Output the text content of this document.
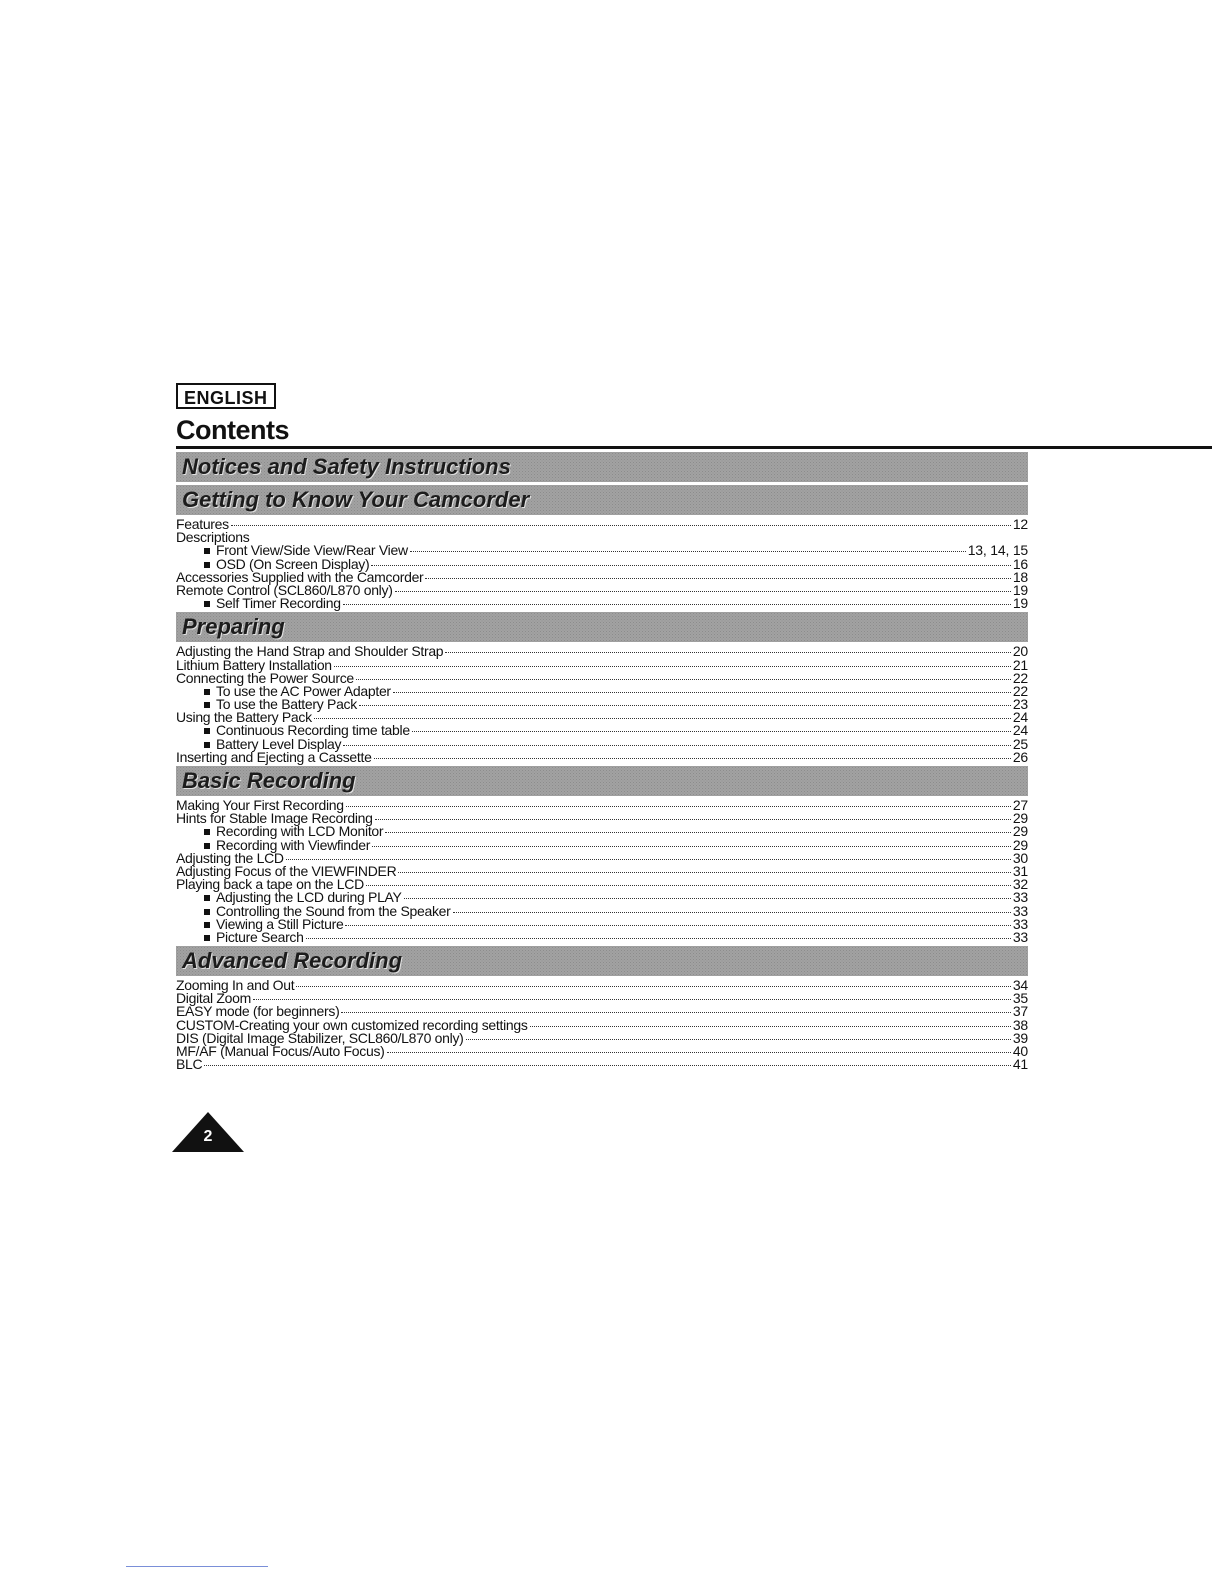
ENGLISH
Contents
Notices and Safety Instructions
Getting to Know Your Camcorder
Features	12
Descriptions
Front View/Side View/Rear View	13, 14, 15
OSD (On Screen Display)	16
Accessories Supplied with the Camcorder	18
Remote Control (SCL860/L870 only)	19
Self Timer Recording	19
Preparing
Adjusting the Hand Strap and Shoulder Strap	20
Lithium Battery Installation	21
Connecting the Power Source	22
To use the AC Power Adapter	22
To use the Battery Pack	23
Using the Battery Pack	24
Continuous Recording time table	24
Battery Level Display	25
Inserting and Ejecting a Cassette	26
Basic Recording
Making Your First Recording	27
Hints for Stable Image Recording	29
Recording with LCD Monitor	29
Recording with Viewfinder	29
Adjusting the LCD	30
Adjusting Focus of the VIEWFINDER	31
Playing back a tape on the LCD	32
Adjusting the LCD during PLAY	33
Controlling the Sound from the Speaker	33
Viewing a Still Picture	33
Picture Search	33
Advanced Recording
Zooming In and Out	34
Digital Zoom	35
EASY mode (for beginners)	37
CUSTOM-Creating your own customized recording settings	38
DIS (Digital Image Stabilizer, SCL860/L870 only)	39
MF/AF (Manual Focus/Auto Focus)	40
BLC	41
2
